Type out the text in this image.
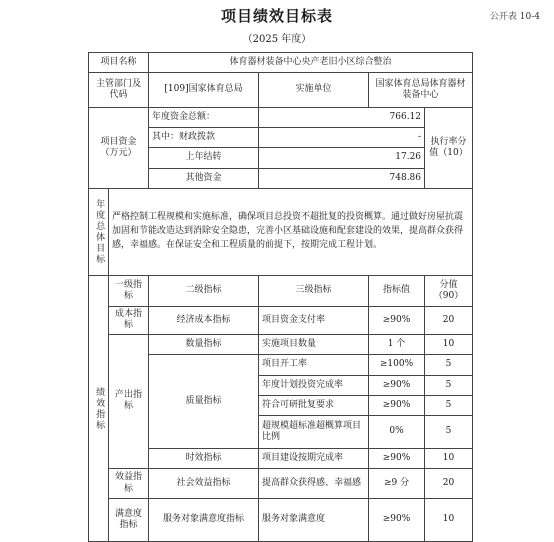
项目绩效目标表	公开表 10-4
（2025 年度）
项目名称		体育器材装备中心央产老旧小区综合整治			
主管部门及代码		[109]国家体育总局	实施单位	国家体育总局体育器材装备中心	
项目资金（万元）		年度资金总额：	766.12		执行率分值（10）
		其中：财政拨款	-		
		上年结转	17.26		
		其他资金	748.86		
年度总体目标	严格控制工程规模和实施标准，确保项目总投资不超批复的投资概算。通过做好房屋抗震加固和节能改造达到消除安全隐患，完善小区基础设施和配套建设的效果，提高群众获得感，幸福感。在保证安全和工程质量的前提下，按期完成工程计划。				
绩效指标	一级指标	二级指标	三级指标	指标值	分值（90）
	成本指标	经济成本指标	项目资金支付率	≥90%	20
	产出指标	数量指标	实施项目数量	1 个	10
		质量指标	项目开工率	≥100%	5
			年度计划投资完成率	≥90%	5
			符合可研批复要求	≥90%	5
			超规模超标准超概算项目比例	0%	5
		时效指标	项目建设按期完成率	≥90%	10
	效益指标	社会效益指标	提高群众获得感、幸福感	≥9 分	20
	满意度指标	服务对象满意度指标	服务对象满意度	≥90%	10
